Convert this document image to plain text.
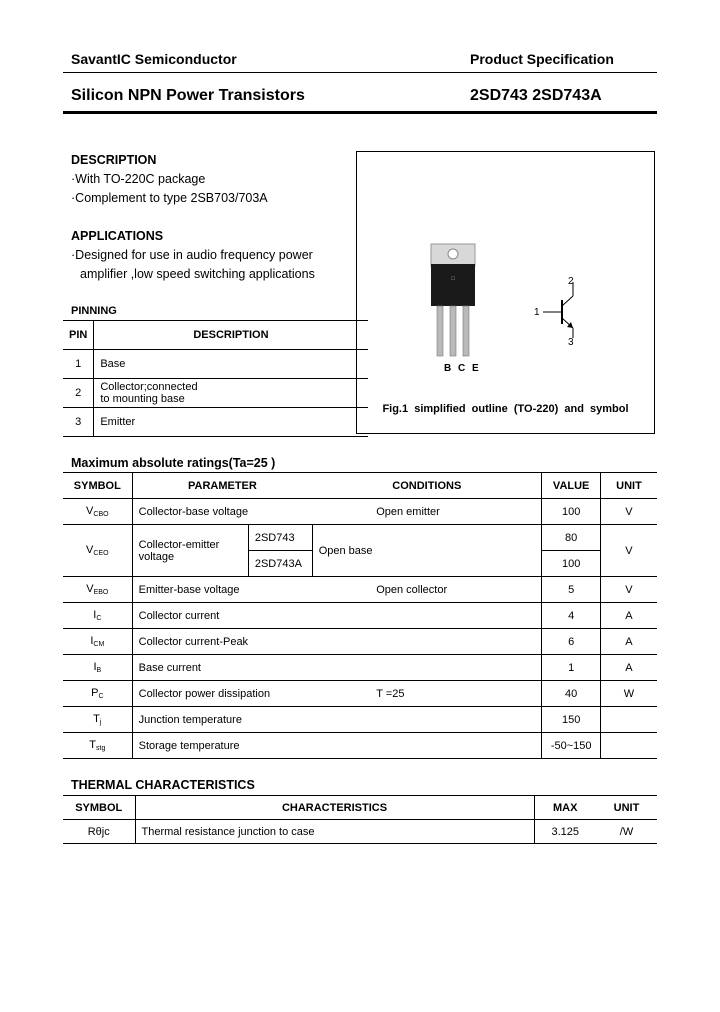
SavantIC Semiconductor	Product Specification
Silicon NPN Power Transistors	2SD743 2SD743A
DESCRIPTION
·With TO-220C package
·Complement to type 2SB703/703A
APPLICATIONS
·Designed for use in audio frequency power
amplifier ,low speed switching applications
PINNING
PIN	DESCRIPTION
1	Base
2	Collector;connected to mounting base
3	Emitter
□
B C E
1
2
3
Fig.1  simplified  outline  (TO-220)  and  symbol
Maximum absolute ratings(Ta=25 )
SYMBOL	PARAMETER		CONDITIONS	VALUE	UNIT
$V_{CBO}$	Collector-base voltage		Open emitter	100	V
$V_{CEO}$	Collector-emitter voltage	2SD743	Open base	80	V
		2SD743A		100	
$V_{EBO}$	Emitter-base voltage		Open collector	5	V
$I_C$	Collector current			4	A
$I_{CM}$	Collector current-Peak			6	A
$I_B$	Base current			1	A
$P_C$	Collector power dissipation		T =25	40	W
$T_j$	Junction temperature			150	
$T_{stg}$	Storage temperature			-50~150	
THERMAL CHARACTERISTICS
SYMBOL	CHARACTERISTICS	MAX	UNIT
Rθjc	Thermal resistance junction to case	3.125	/W
